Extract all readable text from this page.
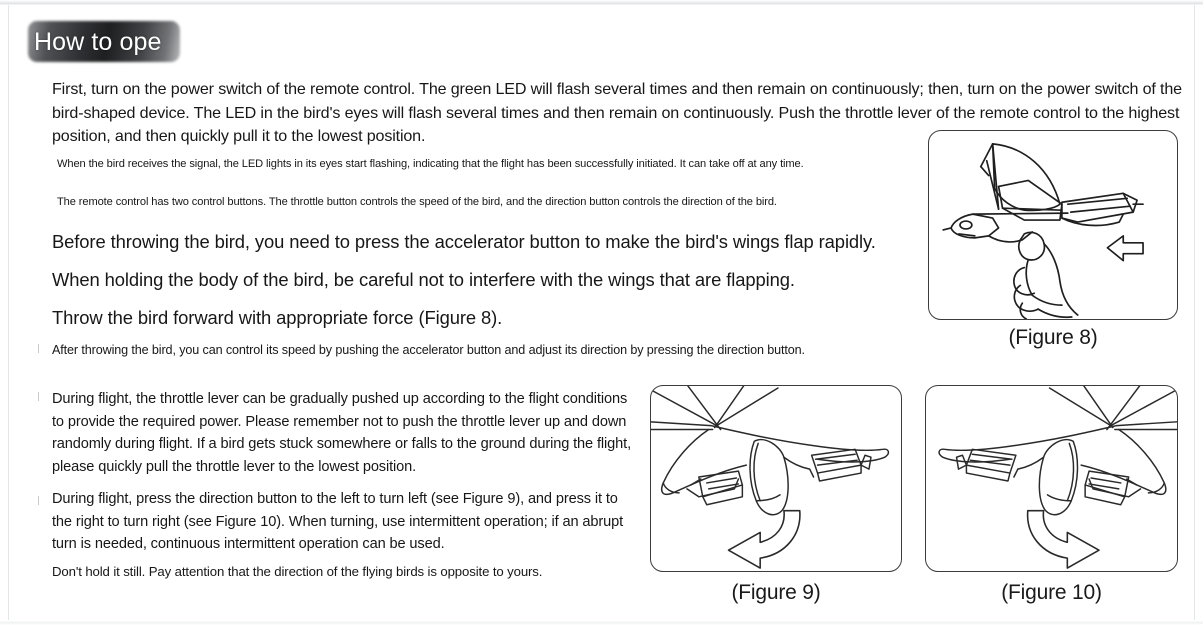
How to ope
First, turn on the power switch of the remote control. The green LED will flash several times and then remain on continuously; then, turn on the power switch of the bird-shaped device. The LED in the bird's eyes will flash several times and then remain on continuously. Push the throttle lever of the remote control to the highest position, and then quickly pull it to the lowest position.
When the bird receives the signal, the LED lights in its eyes start flashing, indicating that the flight has been successfully initiated. It can take off at any time.
The remote control has two control buttons. The throttle button controls the speed of the bird, and the direction button controls the direction of the bird.
Before throwing the bird, you need to press the accelerator button to make the bird's wings flap rapidly.
When holding the body of the bird, be careful not to interfere with the wings that are flapping.
Throw the bird forward with appropriate force (Figure 8).
After throwing the bird, you can control its speed by pushing the accelerator button and adjust its direction by pressing the direction button.
During flight, the throttle lever can be gradually pushed up according to the flight conditions to provide the required power. Please remember not to push the throttle lever up and down randomly during flight. If a bird gets stuck somewhere or falls to the ground during the flight, please quickly pull the throttle lever to the lowest position.
During flight, press the direction button to the left to turn left (see Figure 9), and press it to the right to turn right (see Figure 10). When turning, use intermittent operation; if an abrupt turn is needed, continuous intermittent operation can be used.
Don't hold it still. Pay attention that the direction of the flying birds is opposite to yours.
(Figure 8)
(Figure 9)	(Figure 10)
